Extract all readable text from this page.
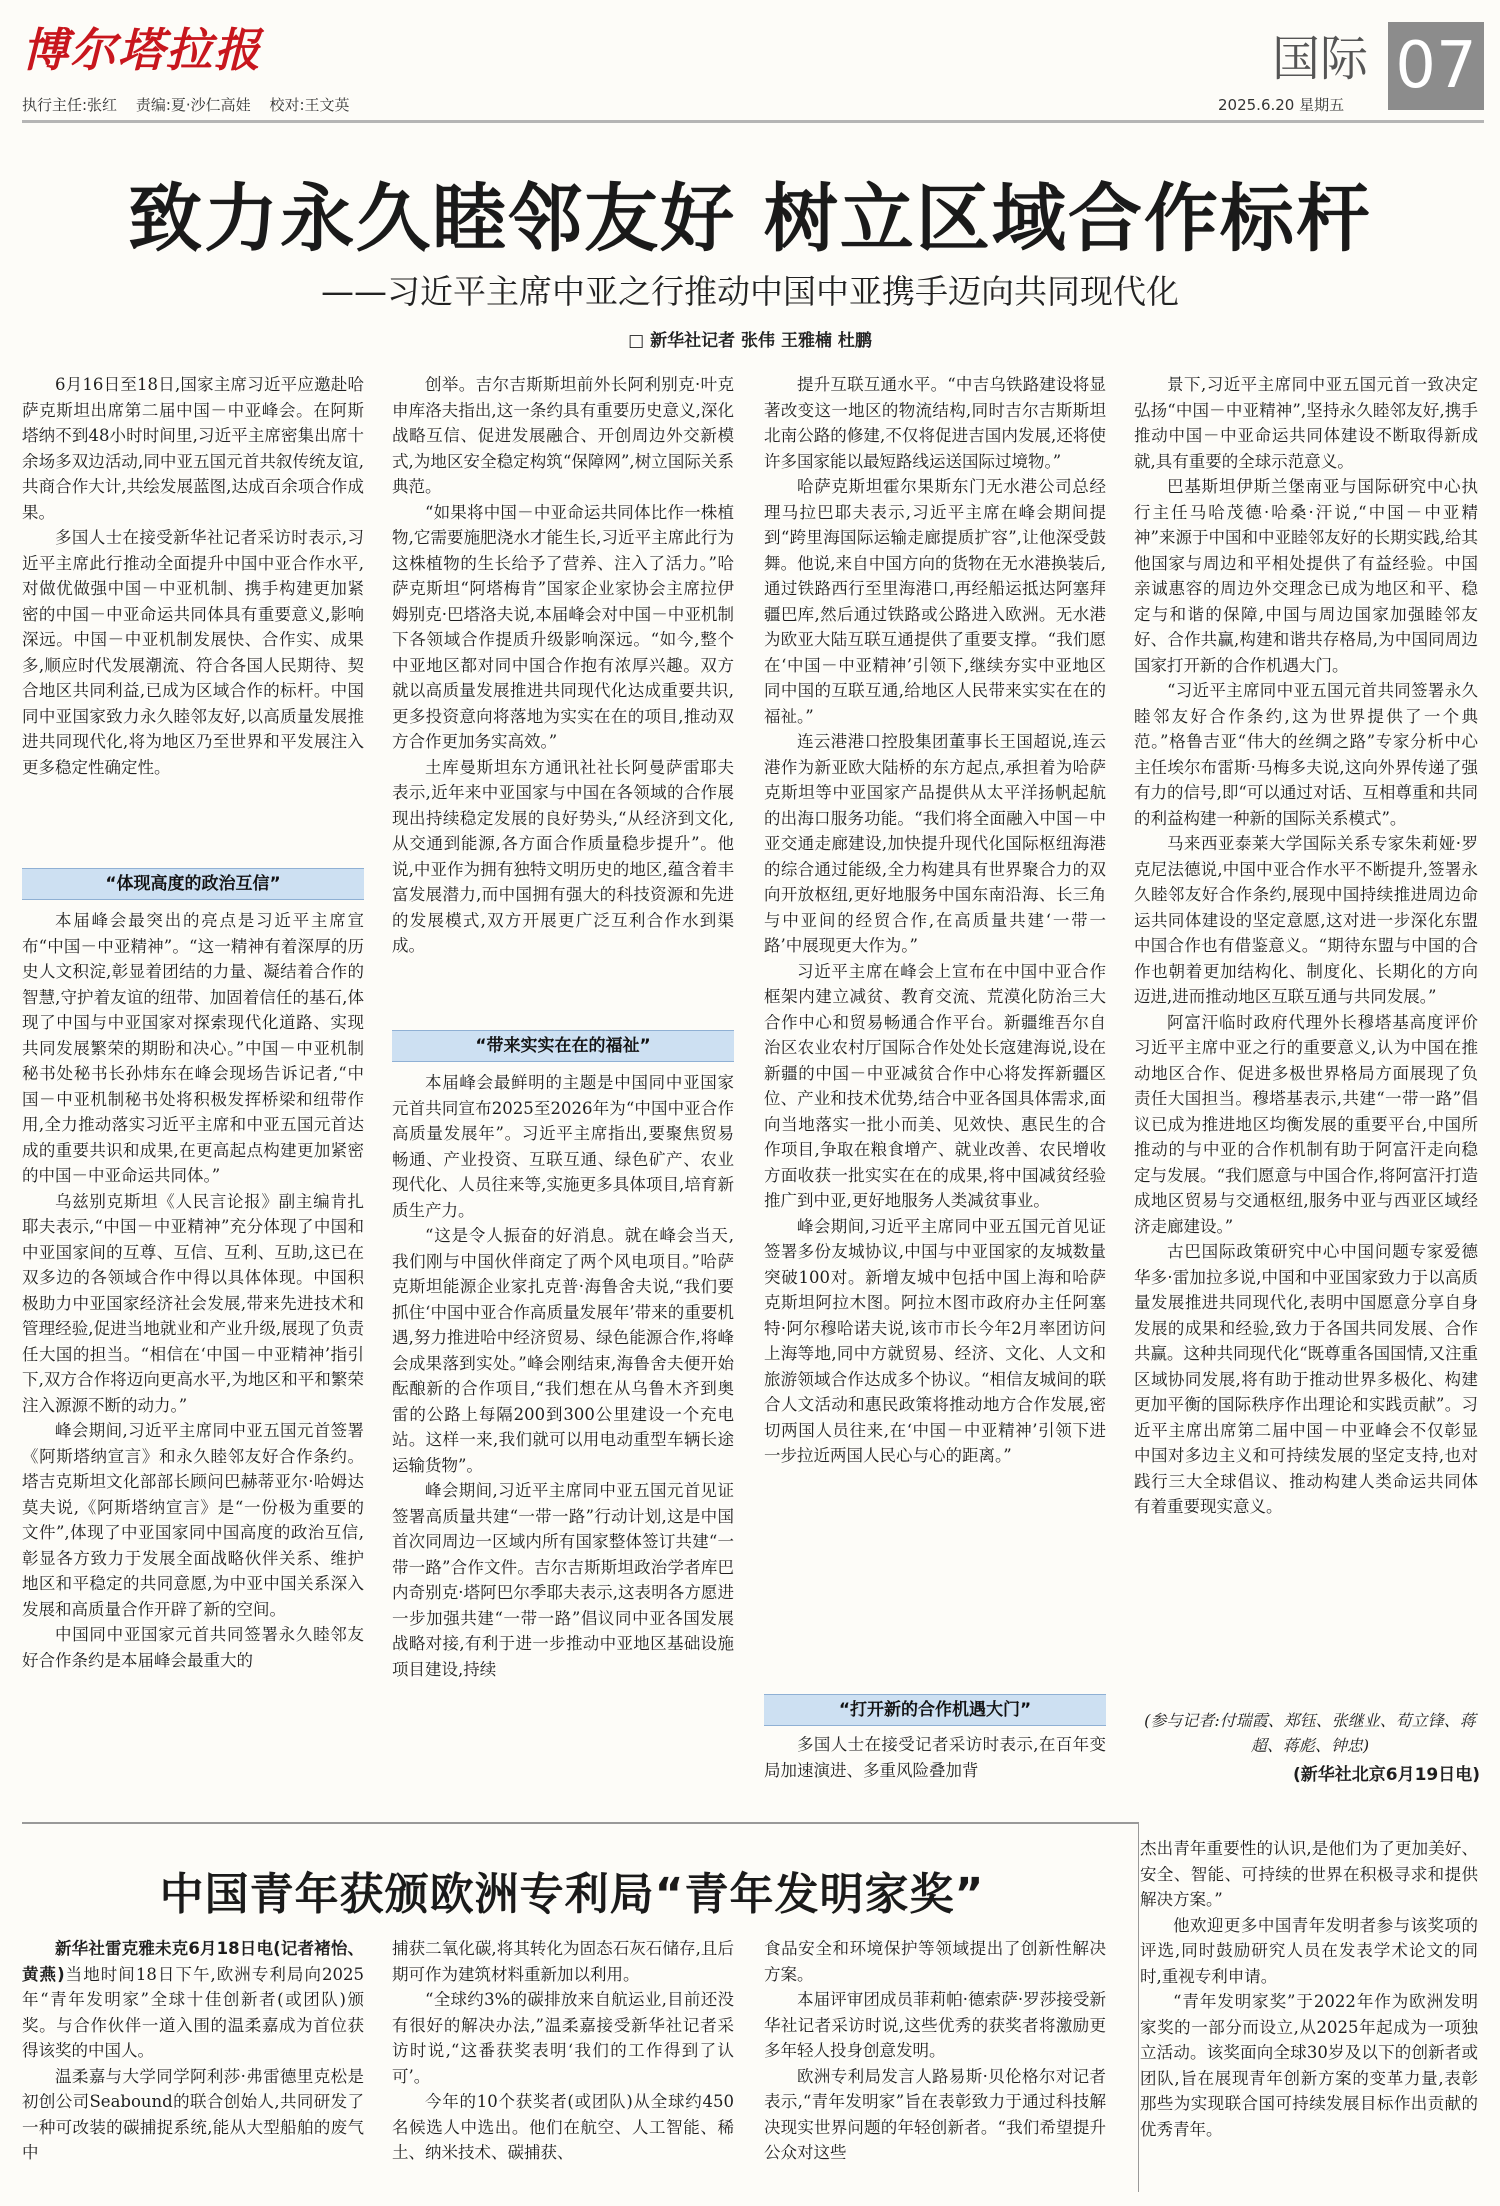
博尔塔拉报
执行主任:张红 责编:夏·沙仁高娃 校对:王文英
国际 07
2025.6.20 星期五
致力永久睦邻友好 树立区域合作标杆
——习近平主席中亚之行推动中国中亚携手迈向共同现代化
□ 新华社记者 张伟 王雅楠 杜鹏

6月16日至18日,国家主席习近平应邀赴哈萨克斯坦出席第二届中国－中亚峰会。在阿斯塔纳不到48小时时间里,习近平主席密集出席十余场多双边活动,同中亚五国元首共叙传统友谊,共商合作大计,共绘发展蓝图,达成百余项合作成果。

多国人士在接受新华社记者采访时表示,习近平主席此行推动全面提升中国中亚合作水平,对做优做强中国－中亚机制、携手构建更加紧密的中国－中亚命运共同体具有重要意义,影响深远。中国－中亚机制发展快、合作实、成果多,顺应时代发展潮流、符合各国人民期待、契合地区共同利益,已成为区域合作的标杆。中国同中亚国家致力永久睦邻友好,以高质量发展推进共同现代化,将为地区乃至世界和平发展注入更多稳定性确定性。

“体现高度的政治互信”

本届峰会最突出的亮点是习近平主席宣布“中国－中亚精神”。“这一精神有着深厚的历史人文积淀,彰显着团结的力量、凝结着合作的智慧,守护着友谊的纽带、加固着信任的基石,体现了中国与中亚国家对探索现代化道路、实现共同发展繁荣的期盼和决心。”中国－中亚机制秘书处秘书长孙炜东在峰会现场告诉记者,“中国－中亚机制秘书处将积极发挥桥梁和纽带作用,全力推动落实习近平主席和中亚五国元首达成的重要共识和成果,在更高起点构建更加紧密的中国－中亚命运共同体。”

乌兹别克斯坦《人民言论报》副主编肯扎耶夫表示,“中国－中亚精神”充分体现了中国和中亚国家间的互尊、互信、互利、互助,这已在双多边的各领域合作中得以具体体现。中国积极助力中亚国家经济社会发展,带来先进技术和管理经验,促进当地就业和产业升级,展现了负责任大国的担当。“相信在‘中国－中亚精神’指引下,双方合作将迈向更高水平,为地区和平和繁荣注入源源不断的动力。”

峰会期间,习近平主席同中亚五国元首签署《阿斯塔纳宣言》和永久睦邻友好合作条约。塔吉克斯坦文化部部长顾问巴赫蒂亚尔·哈姆达莫夫说,《阿斯塔纳宣言》是“一份极为重要的文件”,体现了中亚国家同中国高度的政治互信,彰显各方致力于发展全面战略伙伴关系、维护地区和平稳定的共同意愿,为中亚中国关系深入发展和高质量合作开辟了新的空间。

中国同中亚国家元首共同签署永久睦邻友好合作条约是本届峰会最重大的

创举。吉尔吉斯斯坦前外长阿利别克·叶克申库洛夫指出,这一条约具有重要历史意义,深化战略互信、促进发展融合、开创周边外交新模式,为地区安全稳定构筑“保障网”,树立国际关系典范。

“如果将中国－中亚命运共同体比作一株植物,它需要施肥浇水才能生长,习近平主席此行为这株植物的生长给予了营养、注入了活力。”哈萨克斯坦“阿塔梅肯”国家企业家协会主席拉伊姆别克·巴塔洛夫说,本届峰会对中国－中亚机制下各领域合作提质升级影响深远。“如今,整个中亚地区都对同中国合作抱有浓厚兴趣。双方就以高质量发展推进共同现代化达成重要共识,更多投资意向将落地为实实在在的项目,推动双方合作更加务实高效。”

土库曼斯坦东方通讯社社长阿曼萨雷耶夫表示,近年来中亚国家与中国在各领域的合作展现出持续稳定发展的良好势头,“从经济到文化,从交通到能源,各方面合作质量稳步提升”。他说,中亚作为拥有独特文明历史的地区,蕴含着丰富发展潜力,而中国拥有强大的科技资源和先进的发展模式,双方开展更广泛互利合作水到渠成。

“带来实实在在的福祉”

本届峰会最鲜明的主题是中国同中亚国家元首共同宣布2025至2026年为“中国中亚合作高质量发展年”。习近平主席指出,要聚焦贸易畅通、产业投资、互联互通、绿色矿产、农业现代化、人员往来等,实施更多具体项目,培育新质生产力。

“这是令人振奋的好消息。就在峰会当天,我们刚与中国伙伴商定了两个风电项目。”哈萨克斯坦能源企业家扎克普·海鲁舍夫说,“我们要抓住‘中国中亚合作高质量发展年’带来的重要机遇,努力推进哈中经济贸易、绿色能源合作,将峰会成果落到实处。”峰会刚结束,海鲁舍夫便开始酝酿新的合作项目,“我们想在从乌鲁木齐到奥雷的公路上每隔200到300公里建设一个充电站。这样一来,我们就可以用电动重型车辆长途运输货物”。

峰会期间,习近平主席同中亚五国元首见证签署高质量共建“一带一路”行动计划,这是中国首次同周边一区域内所有国家整体签订共建“一带一路”合作文件。吉尔吉斯斯坦政治学者库巴内奇别克·塔阿巴尔季耶夫表示,这表明各方愿进一步加强共建“一带一路”倡议同中亚各国发展战略对接,有利于进一步推动中亚地区基础设施项目建设,持续

提升互联互通水平。“中吉乌铁路建设将显著改变这一地区的物流结构,同时吉尔吉斯斯坦北南公路的修建,不仅将促进吉国内发展,还将使许多国家能以最短路线运送国际过境物。”

哈萨克斯坦霍尔果斯东门无水港公司总经理马拉巴耶夫表示,习近平主席在峰会期间提到“跨里海国际运输走廊提质扩容”,让他深受鼓舞。他说,来自中国方向的货物在无水港换装后,通过铁路西行至里海港口,再经船运抵达阿塞拜疆巴库,然后通过铁路或公路进入欧洲。无水港为欧亚大陆互联互通提供了重要支撑。“我们愿在‘中国－中亚精神’引领下,继续夯实中亚地区同中国的互联互通,给地区人民带来实实在在的福祉。”

连云港港口控股集团董事长王国超说,连云港作为新亚欧大陆桥的东方起点,承担着为哈萨克斯坦等中亚国家产品提供从太平洋扬帆起航的出海口服务功能。“我们将全面融入中国－中亚交通走廊建设,加快提升现代化国际枢纽海港的综合通过能级,全力构建具有世界聚合力的双向开放枢纽,更好地服务中国东南沿海、长三角与中亚间的经贸合作,在高质量共建‘一带一路’中展现更大作为。”

习近平主席在峰会上宣布在中国中亚合作框架内建立减贫、教育交流、荒漠化防治三大合作中心和贸易畅通合作平台。新疆维吾尔自治区农业农村厅国际合作处处长寇建海说,设在新疆的中国－中亚减贫合作中心将发挥新疆区位、产业和技术优势,结合中亚各国具体需求,面向当地落实一批小而美、见效快、惠民生的合作项目,争取在粮食增产、就业改善、农民增收方面收获一批实实在在的成果,将中国减贫经验推广到中亚,更好地服务人类减贫事业。

峰会期间,习近平主席同中亚五国元首见证签署多份友城协议,中国与中亚国家的友城数量突破100对。新增友城中包括中国上海和哈萨克斯坦阿拉木图。阿拉木图市政府办主任阿塞特·阿尔穆哈诺夫说,该市市长今年2月率团访问上海等地,同中方就贸易、经济、文化、人文和旅游领域合作达成多个协议。“相信友城间的联合人文活动和惠民政策将推动地方合作发展,密切两国人员往来,在‘中国－中亚精神’引领下进一步拉近两国人民心与心的距离。”

“打开新的合作机遇大门”

多国人士在接受记者采访时表示,在百年变局加速演进、多重风险叠加背

景下,习近平主席同中亚五国元首一致决定弘扬“中国－中亚精神”,坚持永久睦邻友好,携手推动中国－中亚命运共同体建设不断取得新成就,具有重要的全球示范意义。

巴基斯坦伊斯兰堡南亚与国际研究中心执行主任马哈茂德·哈桑·汗说,“中国－中亚精神”来源于中国和中亚睦邻友好的长期实践,给其他国家与周边和平相处提供了有益经验。中国亲诚惠容的周边外交理念已成为地区和平、稳定与和谐的保障,中国与周边国家加强睦邻友好、合作共赢,构建和谐共存格局,为中国同周边国家打开新的合作机遇大门。

“习近平主席同中亚五国元首共同签署永久睦邻友好合作条约,这为世界提供了一个典范。”格鲁吉亚“伟大的丝绸之路”专家分析中心主任埃尔布雷斯·马梅多夫说,这向外界传递了强有力的信号,即“可以通过对话、互相尊重和共同的利益构建一种新的国际关系模式”。

马来西亚泰莱大学国际关系专家朱莉娅·罗克尼法德说,中国中亚合作水平不断提升,签署永久睦邻友好合作条约,展现中国持续推进周边命运共同体建设的坚定意愿,这对进一步深化东盟中国合作也有借鉴意义。“期待东盟与中国的合作也朝着更加结构化、制度化、长期化的方向迈进,进而推动地区互联互通与共同发展。”

阿富汗临时政府代理外长穆塔基高度评价习近平主席中亚之行的重要意义,认为中国在推动地区合作、促进多极世界格局方面展现了负责任大国担当。穆塔基表示,共建“一带一路”倡议已成为推进地区均衡发展的重要平台,中国所推动的与中亚的合作机制有助于阿富汗走向稳定与发展。“我们愿意与中国合作,将阿富汗打造成地区贸易与交通枢纽,服务中亚与西亚区域经济走廊建设。”

古巴国际政策研究中心中国问题专家爱德华多·雷加拉多说,中国和中亚国家致力于以高质量发展推进共同现代化,表明中国愿意分享自身发展的成果和经验,致力于各国共同发展、合作共赢。这种共同现代化“既尊重各国国情,又注重区域协同发展,将有助于推动世界多极化、构建更加平衡的国际秩序作出理论和实践贡献”。习近平主席出席第二届中国－中亚峰会不仅彰显中国对多边主义和可持续发展的坚定支持,也对践行三大全球倡议、推动构建人类命运共同体有着重要现实意义。

(参与记者:付瑞霞、郑钰、张继业、荀立锋、蒋超、蒋彪、钟忠)
(新华社北京6月19日电)
中国青年获颁欧洲专利局“青年发明家奖”

新华社雷克雅未克6月18日电(记者褚怡、黄燕)当地时间18日下午,欧洲专利局向2025年“青年发明家”全球十佳创新者(或团队)颁奖。与合作伙伴一道入围的温柔嘉成为首位获得该奖的中国人。

温柔嘉与大学同学阿利莎·弗雷德里克松是初创公司Seabound的联合创始人,共同研发了一种可改装的碳捕捉系统,能从大型船舶的废气中

捕获二氧化碳,将其转化为固态石灰石储存,且后期可作为建筑材料重新加以利用。

“全球约3%的碳排放来自航运业,目前还没有很好的解决办法,”温柔嘉接受新华社记者采访时说,“这番获奖表明‘我们的工作得到了认可’。

今年的10个获奖者(或团队)从全球约450名候选人中选出。他们在航空、人工智能、稀土、纳米技术、碳捕获、

食品安全和环境保护等领域提出了创新性解决方案。

本届评审团成员菲莉帕·德索萨·罗莎接受新华社记者采访时说,这些优秀的获奖者将激励更多年轻人投身创意发明。

欧洲专利局发言人路易斯·贝伦格尔对记者表示,“青年发明家”旨在表彰致力于通过科技解决现实世界问题的年轻创新者。“我们希望提升公众对这些

杰出青年重要性的认识,是他们为了更加美好、安全、智能、可持续的世界在积极寻求和提供解决方案。”

他欢迎更多中国青年发明者参与该奖项的评选,同时鼓励研究人员在发表学术论文的同时,重视专利申请。

“青年发明家奖”于2022年作为欧洲发明家奖的一部分而设立,从2025年起成为一项独立活动。该奖面向全球30岁及以下的创新者或团队,旨在展现青年创新方案的变革力量,表彰那些为实现联合国可持续发展目标作出贡献的优秀青年。
